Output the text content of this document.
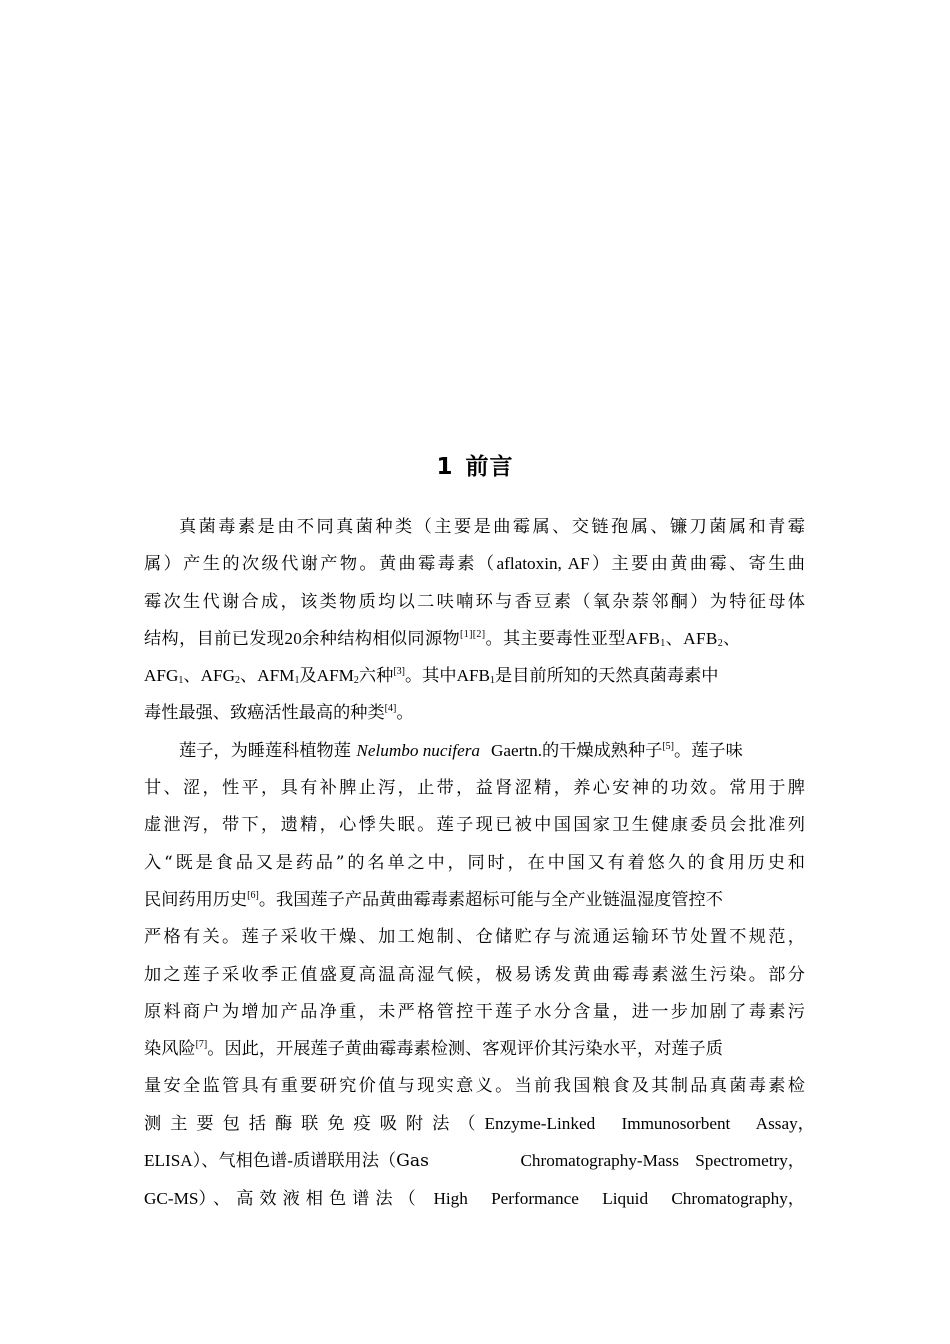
1 前言
真菌毒素是由不同真菌种类（主要是曲霉属、交链孢属、镰刀菌属和青霉
属）产生的次级代谢产物。黄曲霉毒素（aflatoxin, AF）主要由黄曲霉、寄生曲
霉次生代谢合成，该类物质均以二呋喃环与香豆素（氧杂萘邻酮）为特征母体
结构，目前已发现20余种结构相似同源物[1][2]。其主要毒性亚型$AFB_1$、$AFB_2$、
$AFG_1$、$AFG_2$、$AFM_1$及$AFM_2$六种[3]。其中$AFB_1$是目前所知的天然真菌毒素中
毒性最强、致癌活性最高的种类[4]。
莲子，为睡莲科植物莲 Nelumbo nucifera Gaertn.的干燥成熟种子[5]。莲子味
甘、涩，性平，具有补脾止泻，止带，益肾涩精，养心安神的功效。常用于脾
虚泄泻，带下，遗精，心悸失眠。莲子现已被中国国家卫生健康委员会批准列
入“既是食品又是药品”的名单之中，同时，在中国又有着悠久的食用历史和
民间药用历史[6]。我国莲子产品黄曲霉毒素超标可能与全产业链温湿度管控不
严格有关。莲子采收干燥、加工炮制、仓储贮存与流通运输环节处置不规范，
加之莲子采收季正值盛夏高温高湿气候，极易诱发黄曲霉毒素滋生污染。部分
原料商户为增加产品净重，未严格管控干莲子水分含量，进一步加剧了毒素污
染风险[7]。因此，开展莲子黄曲霉毒素检测、客观评价其污染水平，对莲子质
量安全监管具有重要研究价值与现实意义。当前我国粮食及其制品真菌毒素检
测主要包括酶联免疫吸附法（ Enzyme-Linked Immunosorbent Assay，
ELISA）、气相色谱-质谱联用法（Gas	Chromatography-Mass Spectrometry，
GC-MS）、高效液相色谱法（ High Performance Liquid Chromatography，
